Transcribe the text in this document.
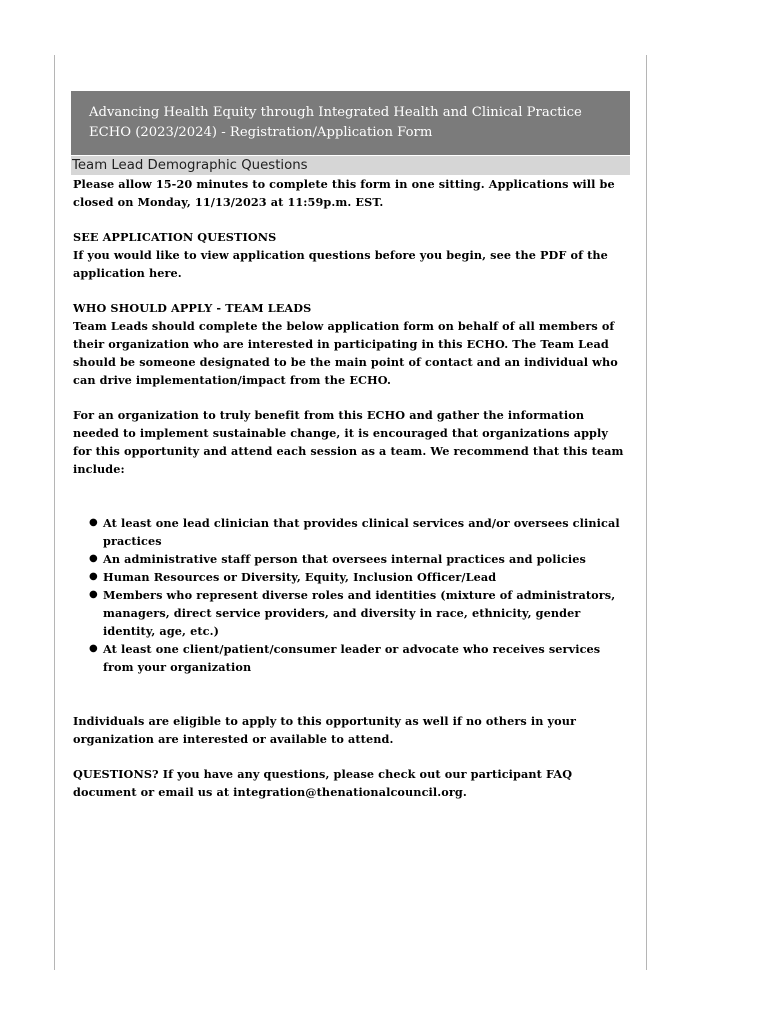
Advancing Health Equity through Integrated Health and Clinical Practice ECHO (2023/2024) - Registration/Application Form
Team Lead Demographic Questions

Please allow 15-20 minutes to complete this form in one sitting. Applications will be closed on Monday, 11/13/2023 at 11:59p.m. EST.

SEE APPLICATION QUESTIONS

If you would like to view application questions before you begin, see the PDF of the application here.

WHO SHOULD APPLY - TEAM LEADS

Team Leads should complete the below application form on behalf of all members of their organization who are interested in participating in this ECHO. The Team Lead should be someone designated to be the main point of contact and an individual who can drive implementation/impact from the ECHO.

For an organization to truly benefit from this ECHO and gather the information needed to implement sustainable change, it is encouraged that organizations apply for this opportunity and attend each session as a team. We recommend that this team include:

● At least one lead clinician that provides clinical services and/or oversees clinical practices
● An administrative staff person that oversees internal practices and policies
● Human Resources or Diversity, Equity, Inclusion Officer/Lead
● Members who represent diverse roles and identities (mixture of administrators, managers, direct service providers, and diversity in race, ethnicity, gender identity, age, etc.)
● At least one client/patient/consumer leader or advocate who receives services from your organization

Individuals are eligible to apply to this opportunity as well if no others in your organization are interested or available to attend.

QUESTIONS? If you have any questions, please check out our participant FAQ document or email us at integration@thenationalcouncil.org.
